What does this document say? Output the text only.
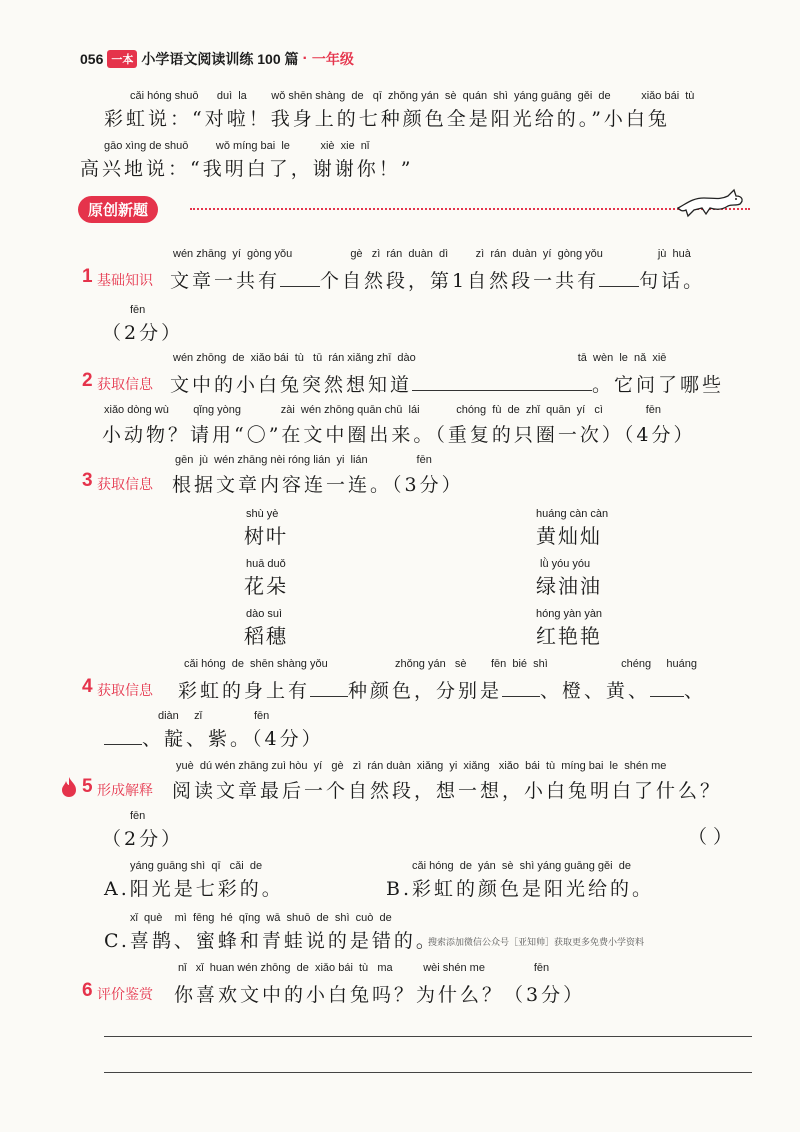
056 一本 小学语文阅读训练 100 篇 · 一年级
cǎi hóng shuō      duì  la        wǒ shēn shàng  de   qī  zhǒng yán  sè  quán  shì  yáng guāng  gěi  de          xiǎo bái  tù
彩虹说：“对啦！我身上的七种颜色全是阳光给的。”小白兔
gāo xìng de shuō         wǒ míng bai  le          xiè  xie  nǐ
高兴地说：“我明白了，谢谢你！”
原创新题
wén zhāng  yí  gòng yǒu                   gè   zì  rán  duàn  dì         zì  rán  duàn  yí  gòng yǒu                  jù  huà
1 基础知识 文章一共有 个自然段，第1自然段一共有 句话。
fēn
（2分）
wén zhōng  de  xiǎo bái  tù   tū  rán xiǎng zhī  dào                                                     tā  wèn  le  nǎ  xiē
2 获取信息 文中的小白兔突然想知道	。它问了哪些
xiǎo dòng wù        qǐng yòng             zài  wén zhōng quān chū  lái            chóng  fù  de  zhǐ  quān  yí   cì              fēn
小动物？请用“〇”在文中圈出来。（重复的只圈一次）（4分）
gēn  jù  wén zhāng nèi róng lián  yi  lián                fēn
3 获取信息 根据文章内容连一连。（3分）
shù yè
树叶
huā duǒ
花朵
dào suì
稻穗
huáng càn càn
黄灿灿
lǜ yóu yóu
绿油油
hóng yàn yàn
红艳艳
cǎi hóng  de  shēn shàng yǒu                      zhǒng yán   sè        fēn  bié  shì                        chéng     huáng
4 获取信息 彩虹的身上有 种颜色，分别是 、橙、黄、 、
diàn     zǐ                 fēn
、靛、紫。（4分）
yuè  dú wén zhāng zuì hòu  yí   gè   zì  rán duàn  xiǎng  yi  xiǎng   xiǎo  bái  tù  míng bai  le  shén me
5 形成解释 阅读文章最后一个自然段，想一想，小白兔明白了什么？
fēn
（2分）	（ ）
yáng guāng shì  qī   cǎi  de
A.阳光是七彩的。
cǎi hóng  de  yán  sè  shì yáng guāng gěi  de
B.彩虹的颜色是阳光给的。
xǐ  què    mì  fēng  hé  qīng  wā  shuō  de  shì  cuò  de
C.喜鹊、蜜蜂和青蛙说的是错的。
搜索添加微信公众号［亚知帅］获取更多免费小学资料
nǐ   xǐ  huan wén zhōng  de  xiǎo bái  tù   ma          wèi shén me                fēn
6 评价鉴赏 你喜欢文中的小白兔吗？为什么？（3分）
